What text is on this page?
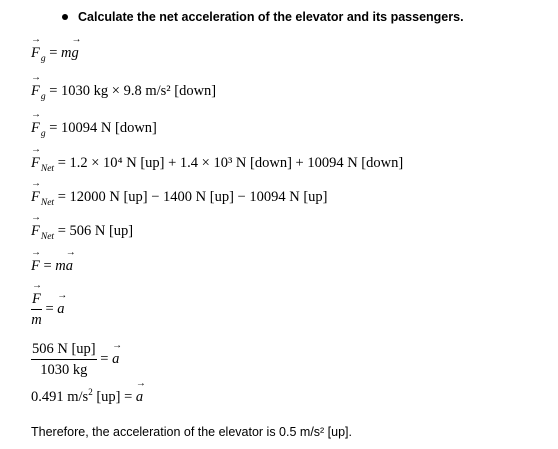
Calculate the net acceleration of the elevator and its passengers.
→ $F_g = m\to g$
→ $F_g = 1030$ kg × 9.8 m/s² [down]
→ $F_g = 10094$ N [down]
→ $F_{Net} = 1.2 \times 10^4$ N [up] + 1.4 × 10³ N [down] + 10094 N [down]
→ $F_{Net} = 12000$ N [up] − 1400 N [up] − 10094 N [up]
→ $F_{Net} = 506$ N [up]
→ F = m→ a
→ $\frac{F}{m}$ = → a
$\frac{506 N [up]}{1030 kg}$ = → a
0.491 $m/s^2$ [up] = → a
Therefore, the acceleration of the elevator is 0.5 m/s² [up].
